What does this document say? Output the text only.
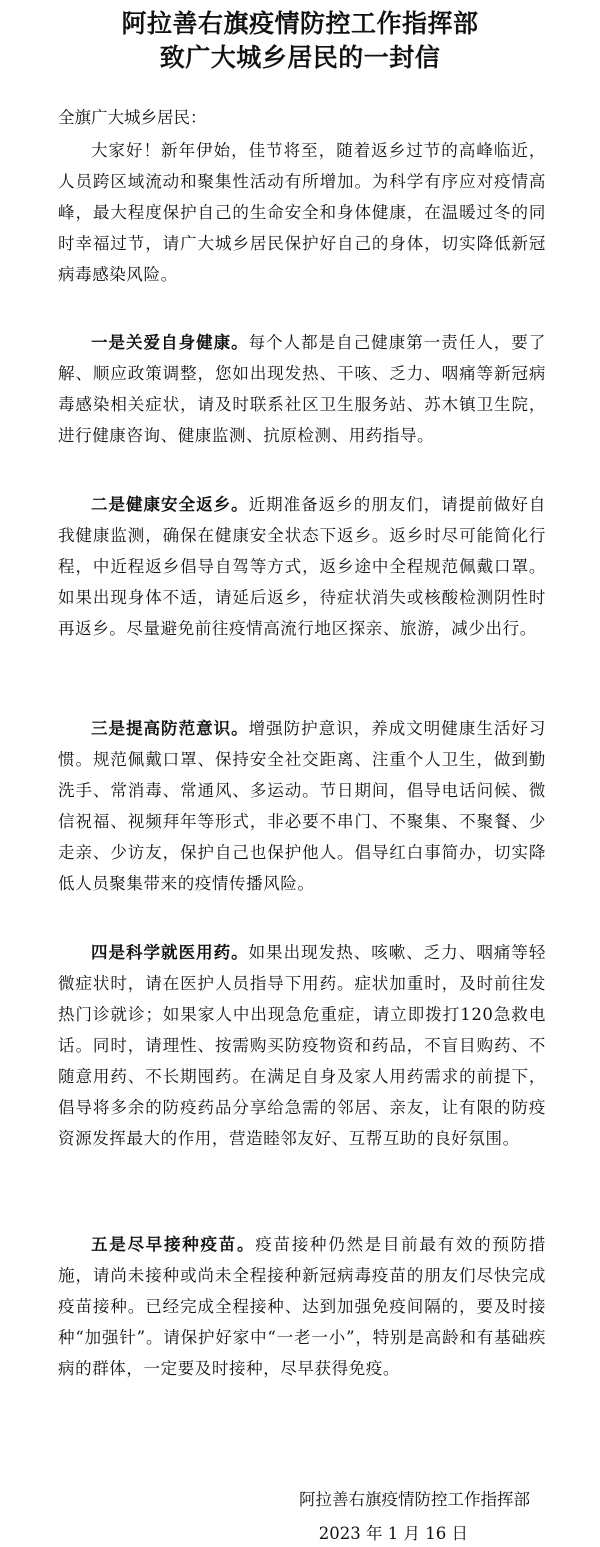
阿拉善右旗疫情防控工作指挥部
致广大城乡居民的一封信

全旗广大城乡居民：

大家好！新年伊始，佳节将至，随着返乡过节的高峰临近，人员跨区域流动和聚集性活动有所增加。为科学有序应对疫情高峰，最大程度保护自己的生命安全和身体健康，在温暖过冬的同时幸福过节，请广大城乡居民保护好自己的身体，切实降低新冠病毒感染风险。

一是关爱自身健康。每个人都是自己健康第一责任人，要了解、顺应政策调整，您如出现发热、干咳、乏力、咽痛等新冠病毒感染相关症状，请及时联系社区卫生服务站、苏木镇卫生院，进行健康咨询、健康监测、抗原检测、用药指导。

二是健康安全返乡。近期准备返乡的朋友们，请提前做好自我健康监测，确保在健康安全状态下返乡。返乡时尽可能简化行程，中近程返乡倡导自驾等方式，返乡途中全程规范佩戴口罩。如果出现身体不适，请延后返乡，待症状消失或核酸检测阴性时再返乡。尽量避免前往疫情高流行地区探亲、旅游，减少出行。

三是提高防范意识。增强防护意识，养成文明健康生活好习惯。规范佩戴口罩、保持安全社交距离、注重个人卫生，做到勤洗手、常消毒、常通风、多运动。节日期间，倡导电话问候、微信祝福、视频拜年等形式，非必要不串门、不聚集、不聚餐、少走亲、少访友，保护自己也保护他人。倡导红白事简办，切实降低人员聚集带来的疫情传播风险。

四是科学就医用药。如果出现发热、咳嗽、乏力、咽痛等轻微症状时，请在医护人员指导下用药。症状加重时，及时前往发热门诊就诊；如果家人中出现急危重症，请立即拨打120急救电话。同时，请理性、按需购买防疫物资和药品，不盲目购药、不随意用药、不长期囤药。在满足自身及家人用药需求的前提下，倡导将多余的防疫药品分享给急需的邻居、亲友，让有限的防疫资源发挥最大的作用，营造睦邻友好、互帮互助的良好氛围。

五是尽早接种疫苗。疫苗接种仍然是目前最有效的预防措施，请尚未接种或尚未全程接种新冠病毒疫苗的朋友们尽快完成疫苗接种。已经完成全程接种、达到加强免疫间隔的，要及时接种“加强针”。请保护好家中“一老一小”，特别是高龄和有基础疾病的群体，一定要及时接种，尽早获得免疫。

阿拉善右旗疫情防控工作指挥部

2023 年 1 月 16 日
